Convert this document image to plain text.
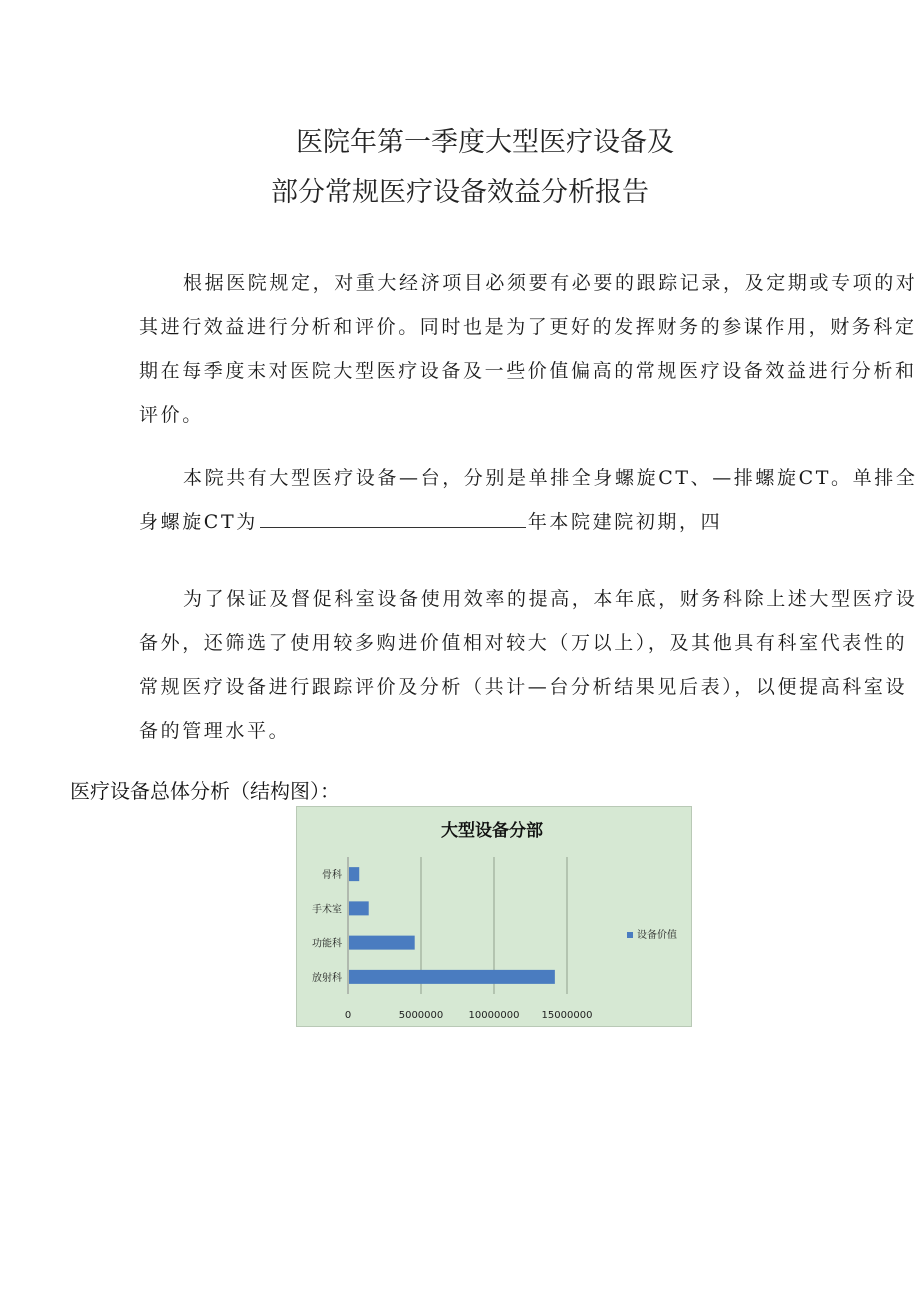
医院年第一季度大型医疗设备及
部分常规医疗设备效益分析报告

根据医院规定，对重大经济项目必须要有必要的跟踪记录，及定期或专项的对其进行效益进行分析和评价。同时也是为了更好的发挥财务的参谋作用，财务科定期在每季度末对医院大型医疗设备及一些价值偏高的常规医疗设备效益进行分析和评价。

本院共有大型医疗设备—台，分别是单排全身螺旋CT、—排螺旋CT。单排全身螺旋CT为	年本院建院初期，四

为了保证及督促科室设备使用效率的提高，本年底，财务科除上述大型医疗设备外，还筛选了使用较多购进价值相对较大（万以上），及其他具有科室代表性的常规医疗设备进行跟踪评价及分析（共计—台分析结果见后表），以便提高科室设备的管理水平。

医疗设备总体分析（结构图）：
大型设备分部
0	5000000	10000000 15000000
骨科
手术室
功能科
放射科
设备价值
